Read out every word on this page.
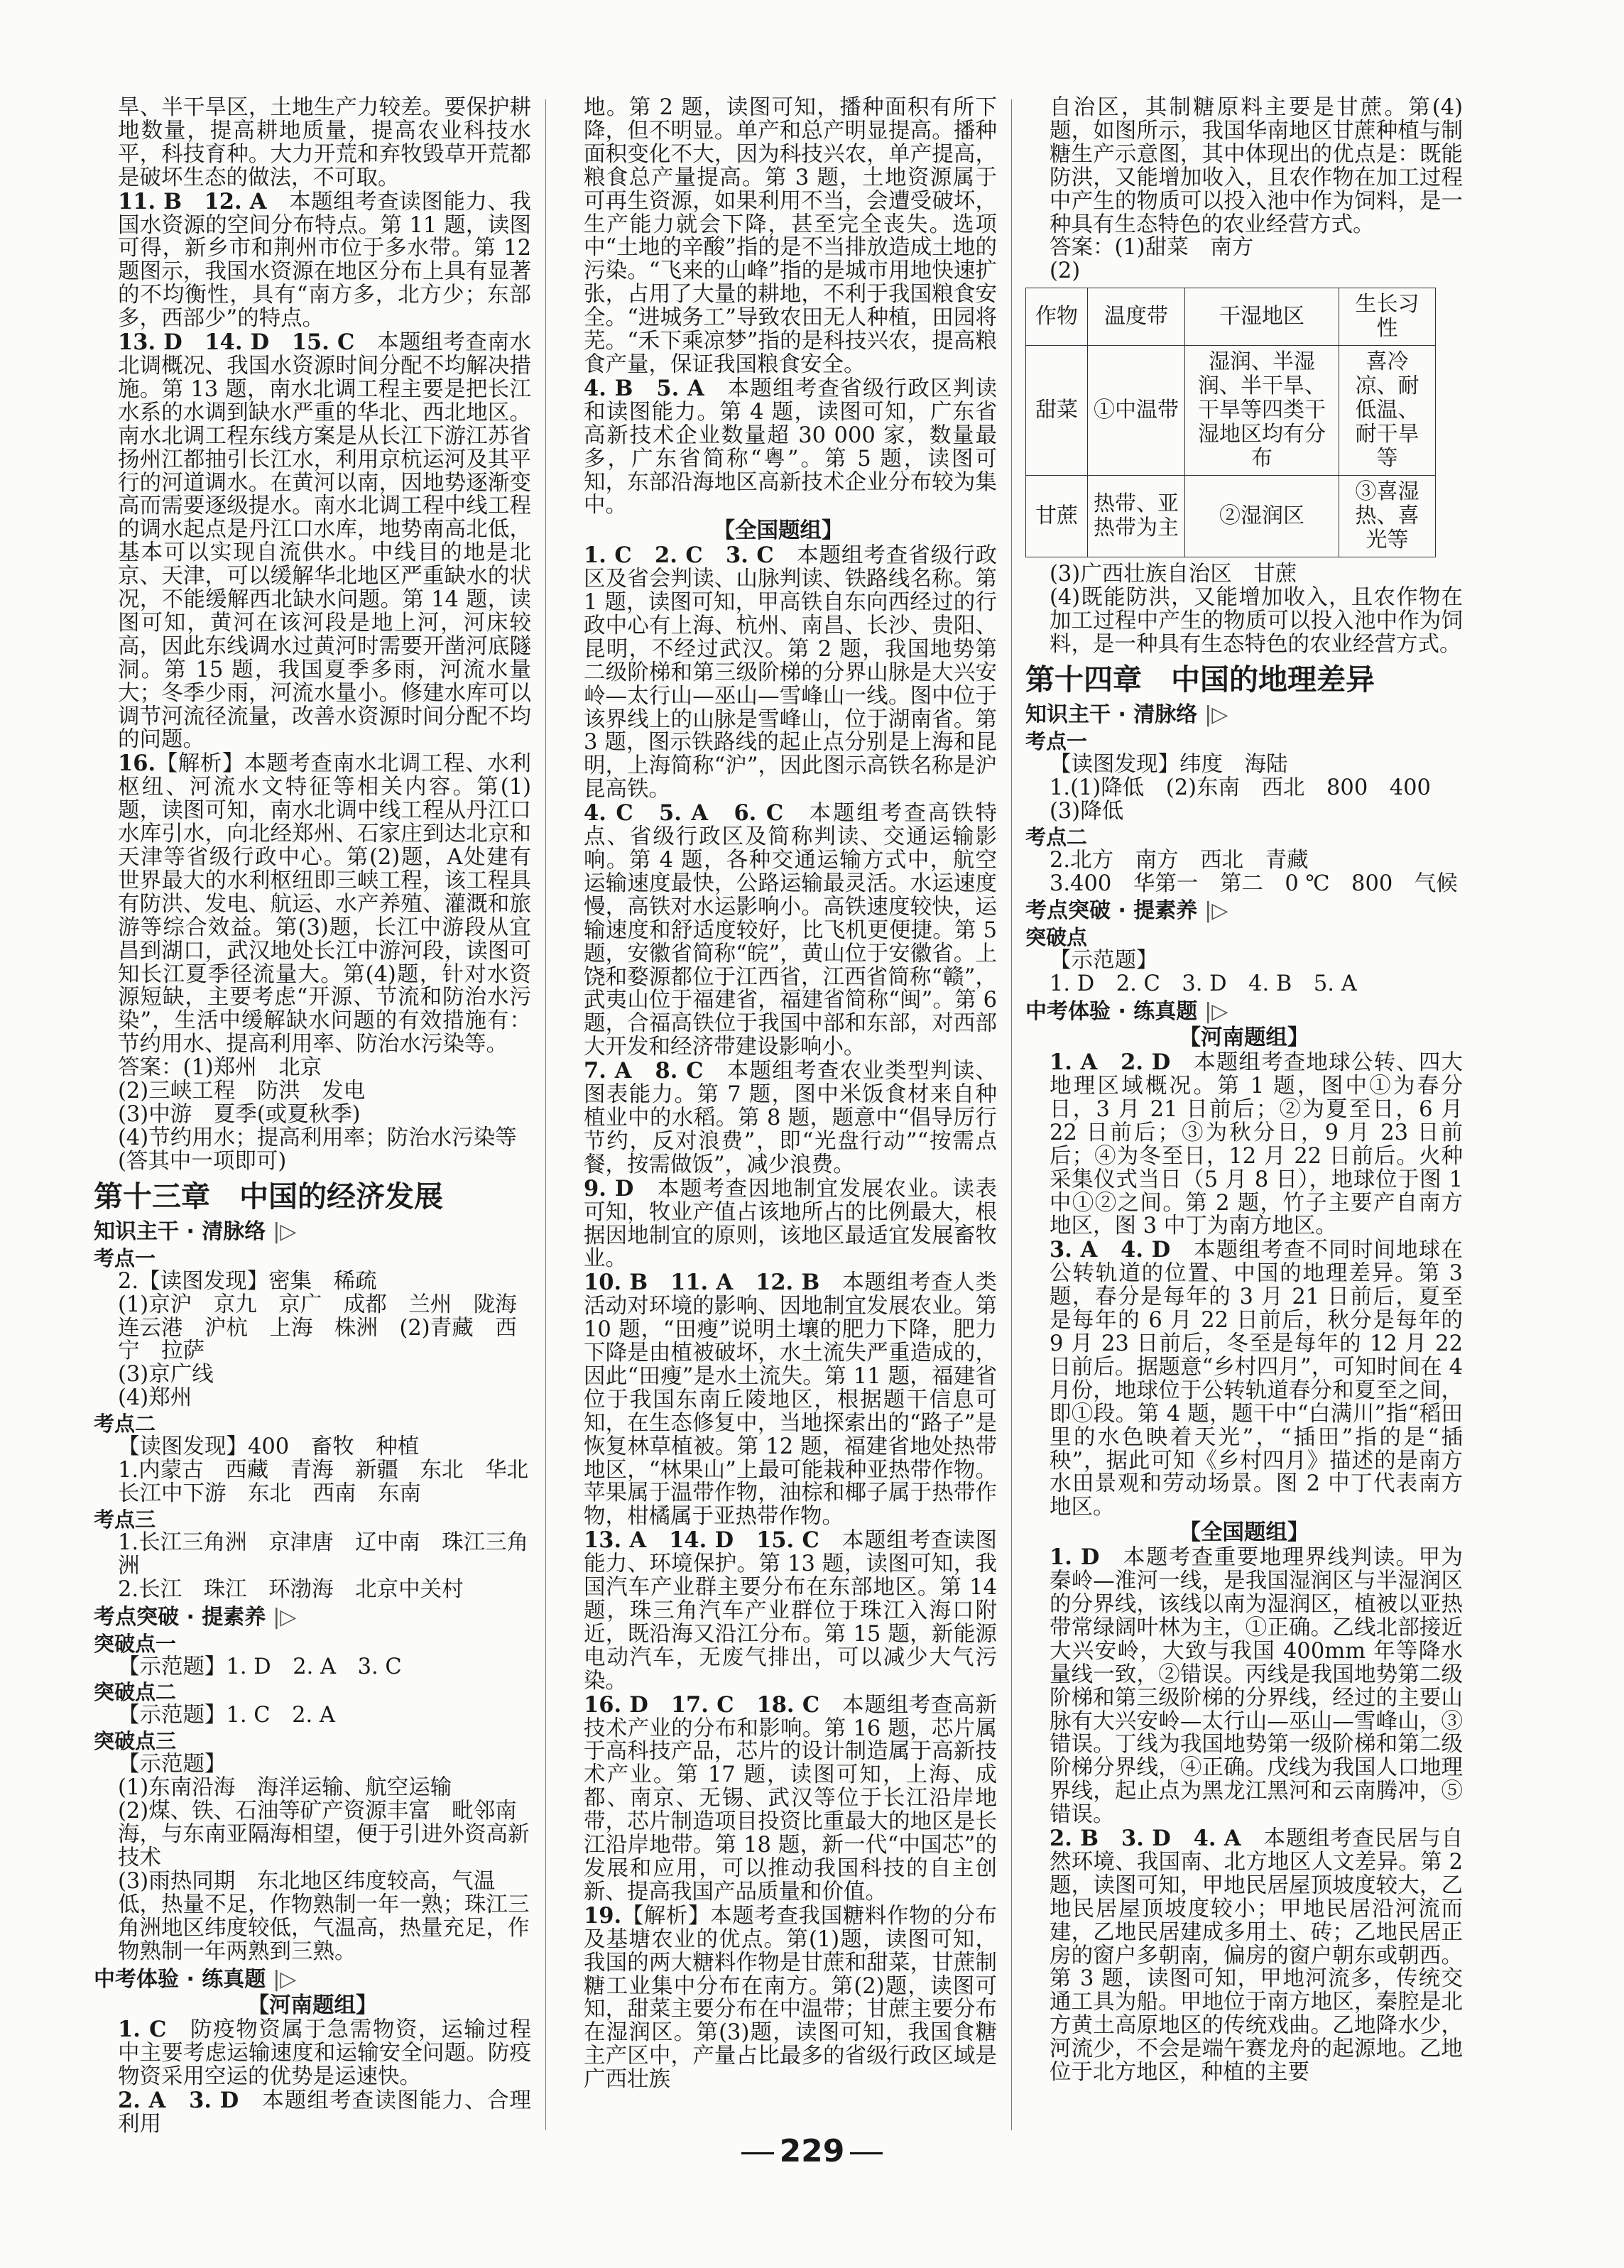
旱、半干旱区，土地生产力较差。要保护耕地数量，提高耕地质量，提高农业科技水平，科技育种。大力开荒和弃牧毁草开荒都是破坏生态的做法，不可取。

11. B　12. A　本题组考查读图能力、我国水资源的空间分布特点。第 11 题，读图可得，新乡市和荆州市位于多水带。第 12 题图示，我国水资源在地区分布上具有显著的不均衡性，具有“南方多，北方少；东部多，西部少”的特点。

13. D　14. D　15. C　本题组考查南水北调概况、我国水资源时间分配不均解决措施。第 13 题，南水北调工程主要是把长江水系的水调到缺水严重的华北、西北地区。南水北调工程东线方案是从长江下游江苏省扬州江都抽引长江水，利用京杭运河及其平行的河道调水。在黄河以南，因地势逐渐变高而需要逐级提水。南水北调工程中线工程的调水起点是丹江口水库，地势南高北低，基本可以实现自流供水。中线目的地是北京、天津，可以缓解华北地区严重缺水的状况，不能缓解西北缺水问题。第 14 题，读图可知，黄河在该河段是地上河，河床较高，因此东线调水过黄河时需要开凿河底隧洞。第 15 题，我国夏季多雨，河流水量大；冬季少雨，河流水量小。修建水库可以调节河流径流量，改善水资源时间分配不均的问题。

16.【解析】本题考查南水北调工程、水利枢纽、河流水文特征等相关内容。第(1)题，读图可知，南水北调中线工程从丹江口水库引水，向北经郑州、石家庄到达北京和天津等省级行政中心。第(2)题，A处建有世界最大的水利枢纽即三峡工程，该工程具有防洪、发电、航运、水产养殖、灌溉和旅游等综合效益。第(3)题，长江中游段从宜昌到湖口，武汉地处长江中游河段，读图可知长江夏季径流量大。第(4)题，针对水资源短缺，主要考虑“开源、节流和防治水污染”，生活中缓解缺水问题的有效措施有：节约用水、提高利用率、防治水污染等。

答案：(1)郑州　北京

(2)三峡工程　防洪　发电

(3)中游　夏季(或夏秋季)

(4)节约用水；提高利用率；防治水污染等(答其中一项即可)

第十三章　中国的经济发展
知识主干 · 清脉络 |▷
考点一

2.【读图发现】密集　稀疏

(1)京沪　京九　京广　成都　兰州　陇海　连云港　沪杭　上海　株洲　(2)青藏　西宁　拉萨

(3)京广线

(4)郑州

考点二

【读图发现】400　畜牧　种植

1.内蒙古　西藏　青海　新疆　东北　华北　长江中下游　东北　西南　东南

考点三

1.长江三角洲　京津唐　辽中南　珠江三角洲

2.长江　珠江　环渤海　北京中关村

考点突破 · 提素养 |▷
突破点一

【示范题】1. D　2. A　3. C

突破点二

【示范题】1. C　2. A

突破点三

【示范题】

(1)东南沿海　海洋运输、航空运输

(2)煤、铁、石油等矿产资源丰富　毗邻南海，与东南亚隔海相望，便于引进外资高新技术

(3)雨热同期　东北地区纬度较高，气温低，热量不足，作物熟制一年一熟；珠江三角洲地区纬度较低，气温高，热量充足，作物熟制一年两熟到三熟。

中考体验 · 练真题 |▷
【河南题组】

1. C　防疫物资属于急需物资，运输过程中主要考虑运输速度和运输安全问题。防疫物资采用空运的优势是运速快。

2. A　3. D　本题组考查读图能力、合理利用

地。第 2 题，读图可知，播种面积有所下降，但不明显。单产和总产明显提高。播种面积变化不大，因为科技兴农，单产提高，粮食总产量提高。第 3 题，土地资源属于可再生资源，如果利用不当，会遭受破坏，生产能力就会下降，甚至完全丧失。选项中“土地的辛酸”指的是不当排放造成土地的污染。“飞来的山峰”指的是城市用地快速扩张，占用了大量的耕地，不利于我国粮食安全。“进城务工”导致农田无人种植，田园将芜。“禾下乘凉梦”指的是科技兴农，提高粮食产量，保证我国粮食安全。

4. B　5. A　本题组考查省级行政区判读和读图能力。第 4 题，读图可知，广东省高新技术企业数量超 30 000 家，数量最多，广东省简称“粤”。第 5 题，读图可知，东部沿海地区高新技术企业分布较为集中。

【全国题组】

1. C　2. C　3. C　本题组考查省级行政区及省会判读、山脉判读、铁路线名称。第 1 题，读图可知，甲高铁自东向西经过的行政中心有上海、杭州、南昌、长沙、贵阳、昆明，不经过武汉。第 2 题，我国地势第二级阶梯和第三级阶梯的分界山脉是大兴安岭—太行山—巫山—雪峰山一线。图中位于该界线上的山脉是雪峰山，位于湖南省。第 3 题，图示铁路线的起止点分别是上海和昆明，上海简称“沪”，因此图示高铁名称是沪昆高铁。

4. C　5. A　6. C　本题组考查高铁特点、省级行政区及简称判读、交通运输影响。第 4 题，各种交通运输方式中，航空运输速度最快，公路运输最灵活。水运速度慢，高铁对水运影响小。高铁速度较快，运输速度和舒适度较好，比飞机更便捷。第 5 题，安徽省简称“皖”，黄山位于安徽省。上饶和婺源都位于江西省，江西省简称“赣”，武夷山位于福建省，福建省简称“闽”。第 6 题，合福高铁位于我国中部和东部，对西部大开发和经济带建设影响小。

7. A　8. C　本题组考查农业类型判读、图表能力。第 7 题，图中米饭食材来自种植业中的水稻。第 8 题，题意中“倡导厉行节约，反对浪费”，即“光盘行动”“按需点餐，按需做饭”，减少浪费。

9. D　本题考查因地制宜发展农业。读表可知，牧业产值占该地所占的比例最大，根据因地制宜的原则，该地区最适宜发展畜牧业。

10. B　11. A　12. B　本题组考查人类活动对环境的影响、因地制宜发展农业。第 10 题，“田瘦”说明土壤的肥力下降，肥力下降是由植被破坏，水土流失严重造成的，因此“田瘦”是水土流失。第 11 题，福建省位于我国东南丘陵地区，根据题干信息可知，在生态修复中，当地探索出的“路子”是恢复林草植被。第 12 题，福建省地处热带地区，“林果山”上最可能栽种亚热带作物。苹果属于温带作物，油棕和椰子属于热带作物，柑橘属于亚热带作物。

13. A　14. D　15. C　本题组考查读图能力、环境保护。第 13 题，读图可知，我国汽车产业群主要分布在东部地区。第 14 题，珠三角汽车产业群位于珠江入海口附近，既沿海又沿江分布。第 15 题，新能源电动汽车，无废气排出，可以减少大气污染。

16. D　17. C　18. C　本题组考查高新技术产业的分布和影响。第 16 题，芯片属于高科技产品，芯片的设计制造属于高新技术产业。第 17 题，读图可知，上海、成都、南京、无锡、武汉等位于长江沿岸地带，芯片制造项目投资比重最大的地区是长江沿岸地带。第 18 题，新一代“中国芯”的发展和应用，可以推动我国科技的自主创新、提高我国产品质量和价值。

19.【解析】本题考查我国糖料作物的分布及基塘农业的优点。第(1)题，读图可知，我国的两大糖料作物是甘蔗和甜菜，甘蔗制糖工业集中分布在南方。第(2)题，读图可知，甜菜主要分布在中温带；甘蔗主要分布在湿润区。第(3)题，读图可知，我国食糖主产区中，产量占比最多的省级行政区域是广西壮族

自治区，其制糖原料主要是甘蔗。第(4)题，如图所示，我国华南地区甘蔗种植与制糖生产示意图，其中体现出的优点是：既能防洪，又能增加收入，且农作物在加工过程中产生的物质可以投入池中作为饲料，是一种具有生态特色的农业经营方式。

答案：(1)甜菜　南方

(2)

作物	温度带	干湿地区	生长习性
甜菜	①中温带	湿润、半湿润、半干旱、干旱等四类干湿地区均有分布	喜冷凉、耐低温、耐干旱等
甘蔗	热带、亚热带为主	②湿润区	③喜湿热、喜光等

(3)广西壮族自治区　甘蔗

(4)既能防洪，又能增加收入，且农作物在加工过程中产生的物质可以投入池中作为饲料，是一种具有生态特色的农业经营方式。

第十四章　中国的地理差异
知识主干 · 清脉络 |▷
考点一

【读图发现】纬度　海陆

1.(1)降低　(2)东南　西北　800　400

(3)降低

考点二

2.北方　南方　西北　青藏

3.400　华第一　第二　0 ℃　800　气候

考点突破 · 提素养 |▷
突破点

【示范题】

1. D　2. C　3. D　4. B　5. A

中考体验 · 练真题 |▷
【河南题组】

1. A　2. D　本题组考查地球公转、四大地理区域概况。第 1 题，图中①为春分日，3 月 21 日前后；②为夏至日，6 月 22 日前后；③为秋分日，9 月 23 日前后；④为冬至日，12 月 22 日前后。火种采集仪式当日（5 月 8 日），地球位于图 1 中①②之间。第 2 题，竹子主要产自南方地区，图 3 中丁为南方地区。

3. A　4. D　本题组考查不同时间地球在公转轨道的位置、中国的地理差异。第 3 题，春分是每年的 3 月 21 日前后，夏至是每年的 6 月 22 日前后，秋分是每年的 9 月 23 日前后，冬至是每年的 12 月 22 日前后。据题意“乡村四月”，可知时间在 4 月份，地球位于公转轨道春分和夏至之间，即①段。第 4 题，题干中“白满川”指“稻田里的水色映着天光”，“插田”指的是“插秧”，据此可知《乡村四月》描述的是南方水田景观和劳动场景。图 2 中丁代表南方地区。

【全国题组】

1. D　本题考查重要地理界线判读。甲为秦岭—淮河一线，是我国湿润区与半湿润区的分界线，该线以南为湿润区，植被以亚热带常绿阔叶林为主，①正确。乙线北部接近大兴安岭，大致与我国 400mm 年等降水量线一致，②错误。丙线是我国地势第二级阶梯和第三级阶梯的分界线，经过的主要山脉有大兴安岭—太行山—巫山—雪峰山，③错误。丁线为我国地势第一级阶梯和第二级阶梯分界线，④正确。戊线为我国人口地理界线，起止点为黑龙江黑河和云南腾冲，⑤错误。

2. B　3. D　4. A　本题组考查民居与自然环境、我国南、北方地区人文差异。第 2 题，读图可知，甲地民居屋顶坡度较大，乙地民居屋顶坡度较小；甲地民居沿河流而建，乙地民居建成多用土、砖；乙地民居正房的窗户多朝南，偏房的窗户朝东或朝西。第 3 题，读图可知，甲地河流多，传统交通工具为船。甲地位于南方地区，秦腔是北方黄土高原地区的传统戏曲。乙地降水少，河流少，不会是端午赛龙舟的起源地。乙地位于北方地区，种植的主要

229
